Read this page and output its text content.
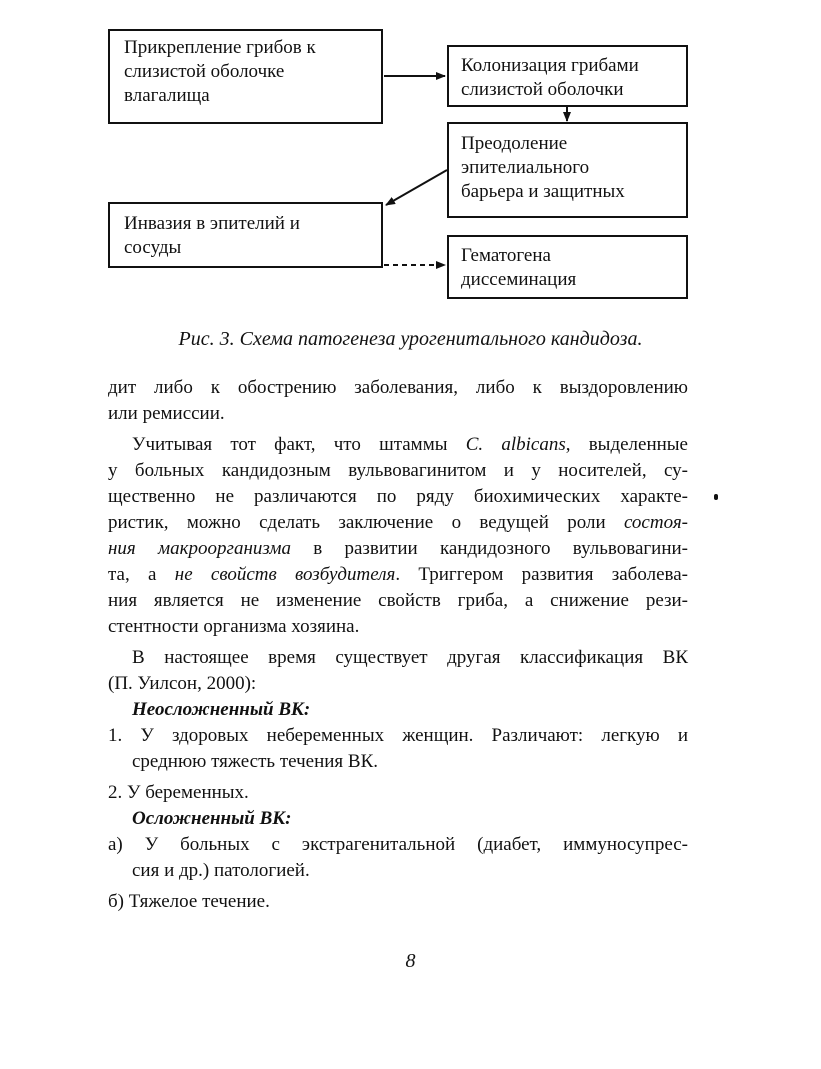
Прикрепление грибов к
слизистой оболочке
влагалища
Колонизация грибами
слизистой оболочки
Преодоление
эпителиального
барьера и защитных
Инвазия в эпителий и
сосуды	Гематогена
диссеминация
Рис. 3. Схема патогенеза урогенитального кандидоза.
дит либо к обострению заболевания, либо к выздоровлению
или ремиссии.
Учитывая тот факт, что штаммы C. albicans, выделенные
у больных кандидозным вульвовагинитом и у носителей, су-
щественно не различаются по ряду биохимических характе-
ристик, можно сделать заключение о ведущей роли состоя-
ния макроорганизма в развитии кандидозного вульвовагини-
та, а не свойств возбудителя. Триггером развития заболева-
ния является не изменение свойств гриба, а снижение рези-
стентности организма хозяина.
В настоящее время существует другая классификация ВК
(П. Уилсон, 2000):
Неосложненный ВК:
1. У здоровых небеременных женщин. Различают: легкую и
среднюю тяжесть течения ВК.
2. У беременных.
Осложненный ВК:
а) У больных с экстрагенитальной (диабет, иммуносупрес-
сия и др.) патологией.
б) Тяжелое течение.
8
